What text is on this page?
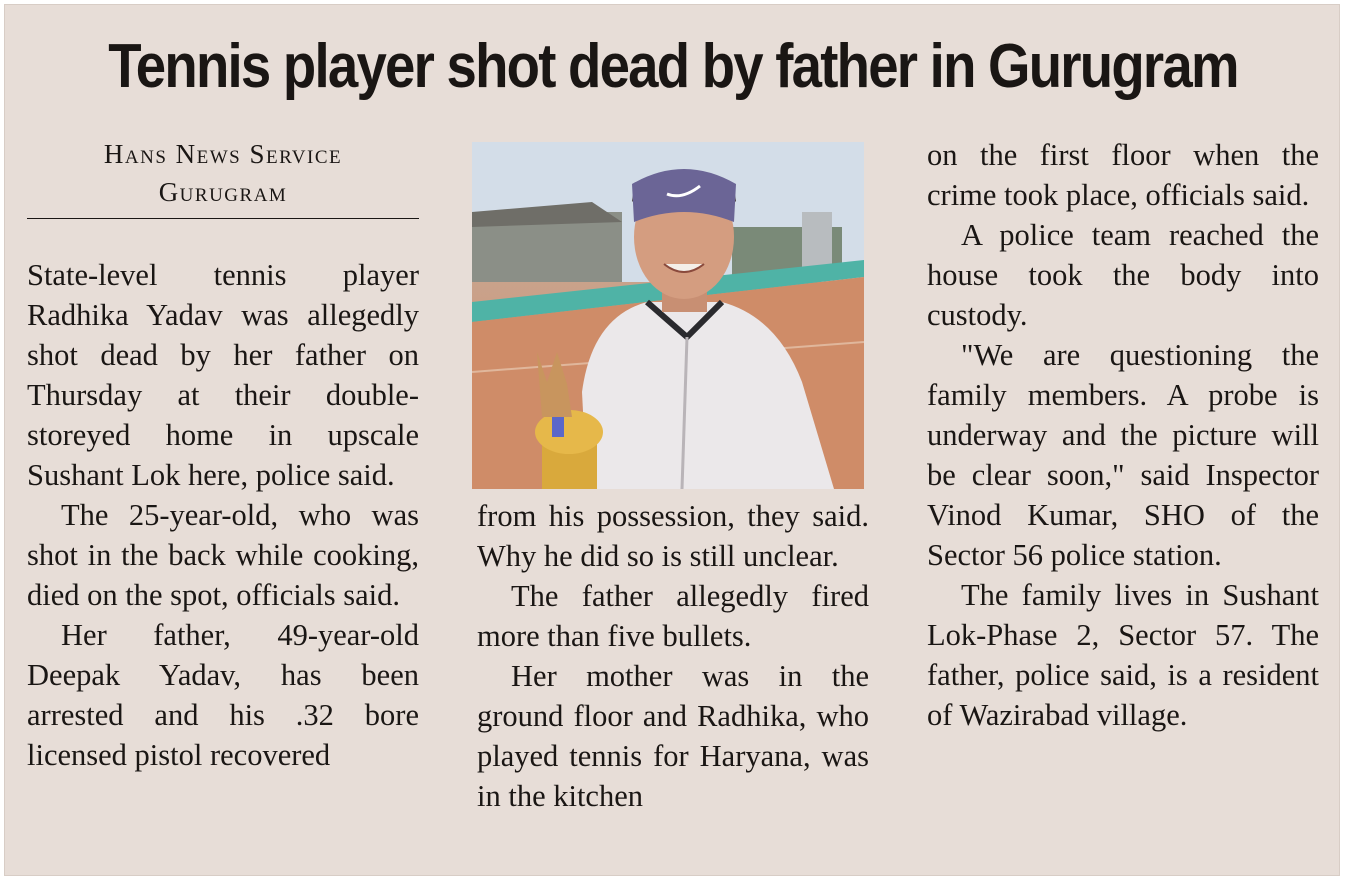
Tennis player shot dead by father in Gurugram
Hans News Service
Gurugram

State-level tennis player Radhika Yadav was allegedly shot dead by her father on Thursday at their double-storeyed home in upscale Sushant Lok here, police said.

The 25-year-old, who was shot in the back while cooking, died on the spot, officials said.

Her father, 49-year-old Deepak Yadav, has been arrested and his .32 bore licensed pistol recovered

from his possession, they said. Why he did so is still unclear.

The father allegedly fired more than five bullets.

Her mother was in the ground floor and Radhika, who played tennis for Haryana, was in the kitchen

on the first floor when the crime took place, officials said.

A police team reached the house took the body into custody.

"We are questioning the family members. A probe is underway and the picture will be clear soon," said Inspector Vinod Kumar, SHO of the Sector 56 police station.

The family lives in Sushant Lok-Phase 2, Sector 57. The father, police said, is a resident of Wazirabad village.
